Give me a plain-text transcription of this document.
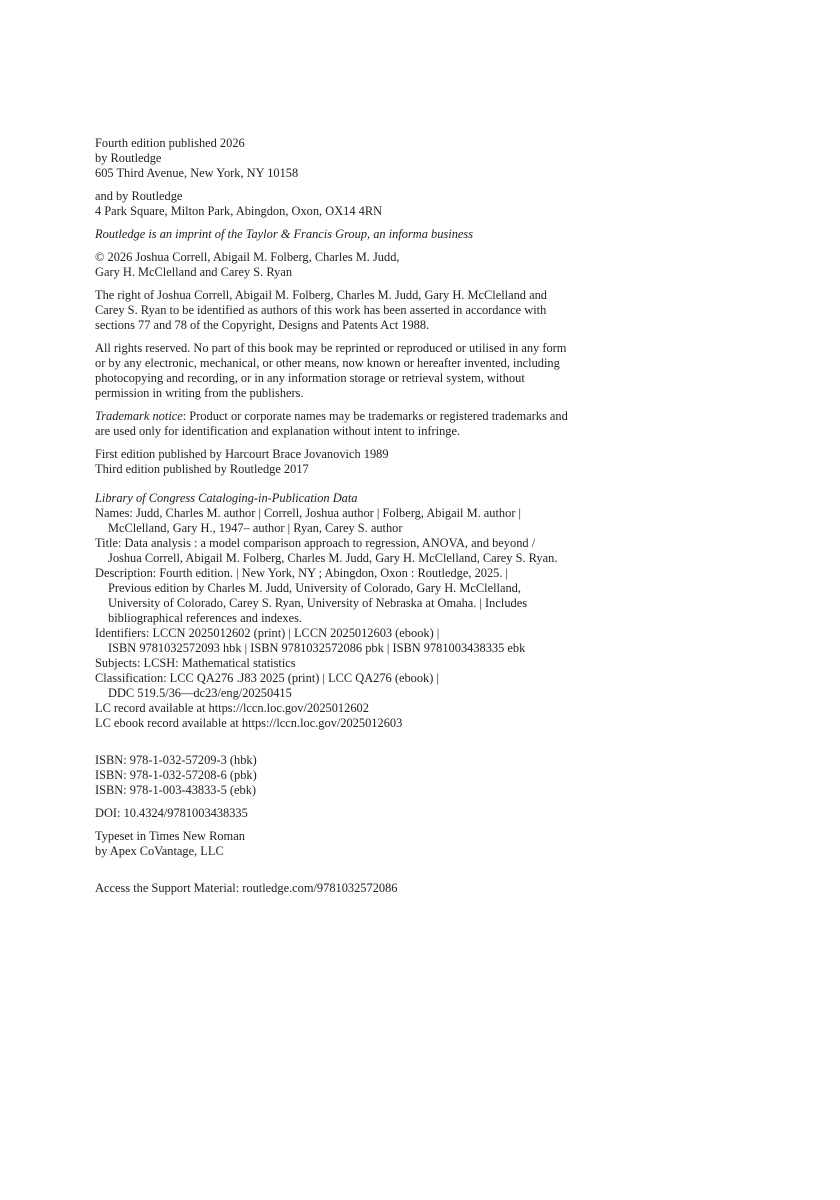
Fourth edition published 2026
by Routledge
605 Third Avenue, New York, NY 10158
and by Routledge
4 Park Square, Milton Park, Abingdon, Oxon, OX14 4RN
Routledge is an imprint of the Taylor & Francis Group, an informa business
© 2026 Joshua Correll, Abigail M. Folberg, Charles M. Judd,
Gary H. McClelland and Carey S. Ryan
The right of Joshua Correll, Abigail M. Folberg, Charles M. Judd, Gary H. McClelland and
Carey S. Ryan to be identified as authors of this work has been asserted in accordance with
sections 77 and 78 of the Copyright, Designs and Patents Act 1988.
All rights reserved. No part of this book may be reprinted or reproduced or utilised in any form
or by any electronic, mechanical, or other means, now known or hereafter invented, including
photocopying and recording, or in any information storage or retrieval system, without
permission in writing from the publishers.
Trademark notice: Product or corporate names may be trademarks or registered trademarks and
are used only for identification and explanation without intent to infringe.
First edition published by Harcourt Brace Jovanovich 1989
Third edition published by Routledge 2017
Library of Congress Cataloging-in-Publication Data
Names: Judd, Charles M. author | Correll, Joshua author | Folberg, Abigail M. author |
McClelland, Gary H., 1947– author | Ryan, Carey S. author
Title: Data analysis : a model comparison approach to regression, ANOVA, and beyond /
Joshua Correll, Abigail M. Folberg, Charles M. Judd, Gary H. McClelland, Carey S. Ryan.
Description: Fourth edition. | New York, NY ; Abingdon, Oxon : Routledge, 2025. |
Previous edition by Charles M. Judd, University of Colorado, Gary H. McClelland,
University of Colorado, Carey S. Ryan, University of Nebraska at Omaha. | Includes
bibliographical references and indexes.
Identifiers: LCCN 2025012602 (print) | LCCN 2025012603 (ebook) |
ISBN 9781032572093 hbk | ISBN 9781032572086 pbk | ISBN 9781003438335 ebk
Subjects: LCSH: Mathematical statistics
Classification: LCC QA276 .J83 2025 (print) | LCC QA276 (ebook) |
DDC 519.5/36—dc23/eng/20250415
LC record available at https://lccn.loc.gov/2025012602
LC ebook record available at https://lccn.loc.gov/2025012603
ISBN: 978-1-032-57209-3 (hbk)
ISBN: 978-1-032-57208-6 (pbk)
ISBN: 978-1-003-43833-5 (ebk)
DOI: 10.4324/9781003438335
Typeset in Times New Roman
by Apex CoVantage, LLC
Access the Support Material: routledge.com/9781032572086
